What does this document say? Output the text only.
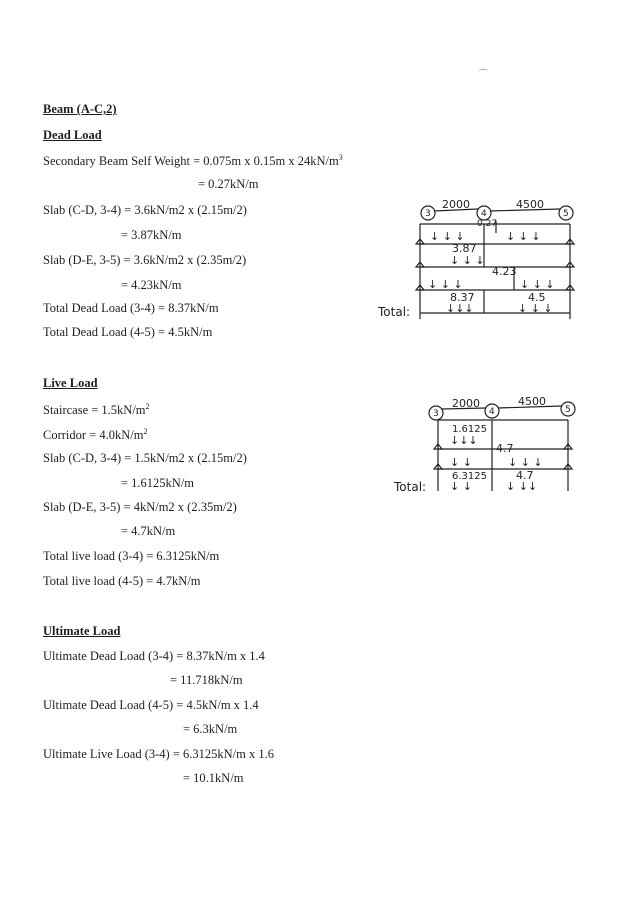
Beam (A-C,2)
Dead Load
Secondary Beam Self Weight = 0.075m x 0.15m x $24kN/m^3$
= 0.27kN/m
Slab (C-D, 3-4) = 3.6kN/m2 x (2.15m/2)
= 3.87kN/m
Slab (D-E, 3-5) = 3.6kN/m2 x (2.35m/2)
= 4.23kN/m
Total Dead Load (3-4) = 8.37kN/m
Total Dead Load (4-5) = 4.5kN/m
Live Load
Staircase = $1.5kN/m^2$
Corridor = $4.0kN/m^2$
Slab (C-D, 3-4) = 1.5kN/m2 x (2.15m/2)
= 1.6125kN/m
Slab (D-E, 3-5) = 4kN/m2 x (2.35m/2)
= 4.7kN/m
Total live load (3-4) = 6.3125kN/m
Total live load (4-5) = 4.7kN/m
Ultimate Load
Ultimate Dead Load (3-4) = 8.37kN/m x 1.4
= 11.718kN/m
Ultimate Dead Load (4-5) = 4.5kN/m x 1.4
= 6.3kN/m
Ultimate Live Load (3-4) = 6.3125kN/m x 1.6
= 10.1kN/m
⌒
3	4	5
2000	4500
0.27
↓ ↓ ↓	↓ ↓ ↓
3.87
↓ ↓ ↓
4.23
↓ ↓ ↓	↓ ↓ ↓
Total:
8.37	4.5
↓↓↓	↓ ↓ ↓
3	4	5
2000	4500
1.6125
↓↓↓
4.7
↓ ↓	↓ ↓ ↓
Total:
6.3125	4.7
↓ ↓	↓ ↓↓
